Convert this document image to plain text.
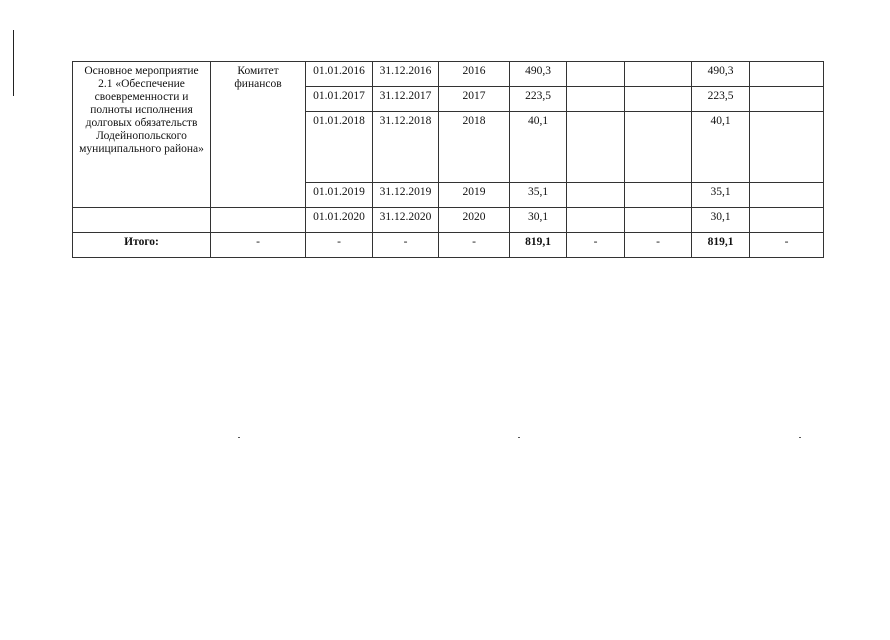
Основное мероприятие 2.1 «Обеспечение своевременности и полноты исполнения долговых обязательств Лодейнопольского муниципального района»	Комитет финансов	01.01.2016	31.12.2016	2016	490,3			490,3	
		01.01.2017	31.12.2017	2017	223,5			223,5	
		01.01.2018	31.12.2018	2018	40,1			40,1	
		01.01.2019	31.12.2019	2019	35,1			35,1	
		01.01.2020	31.12.2020	2020	30,1			30,1	
Итого:	-	-	-	-	819,1	-	-	819,1	-
